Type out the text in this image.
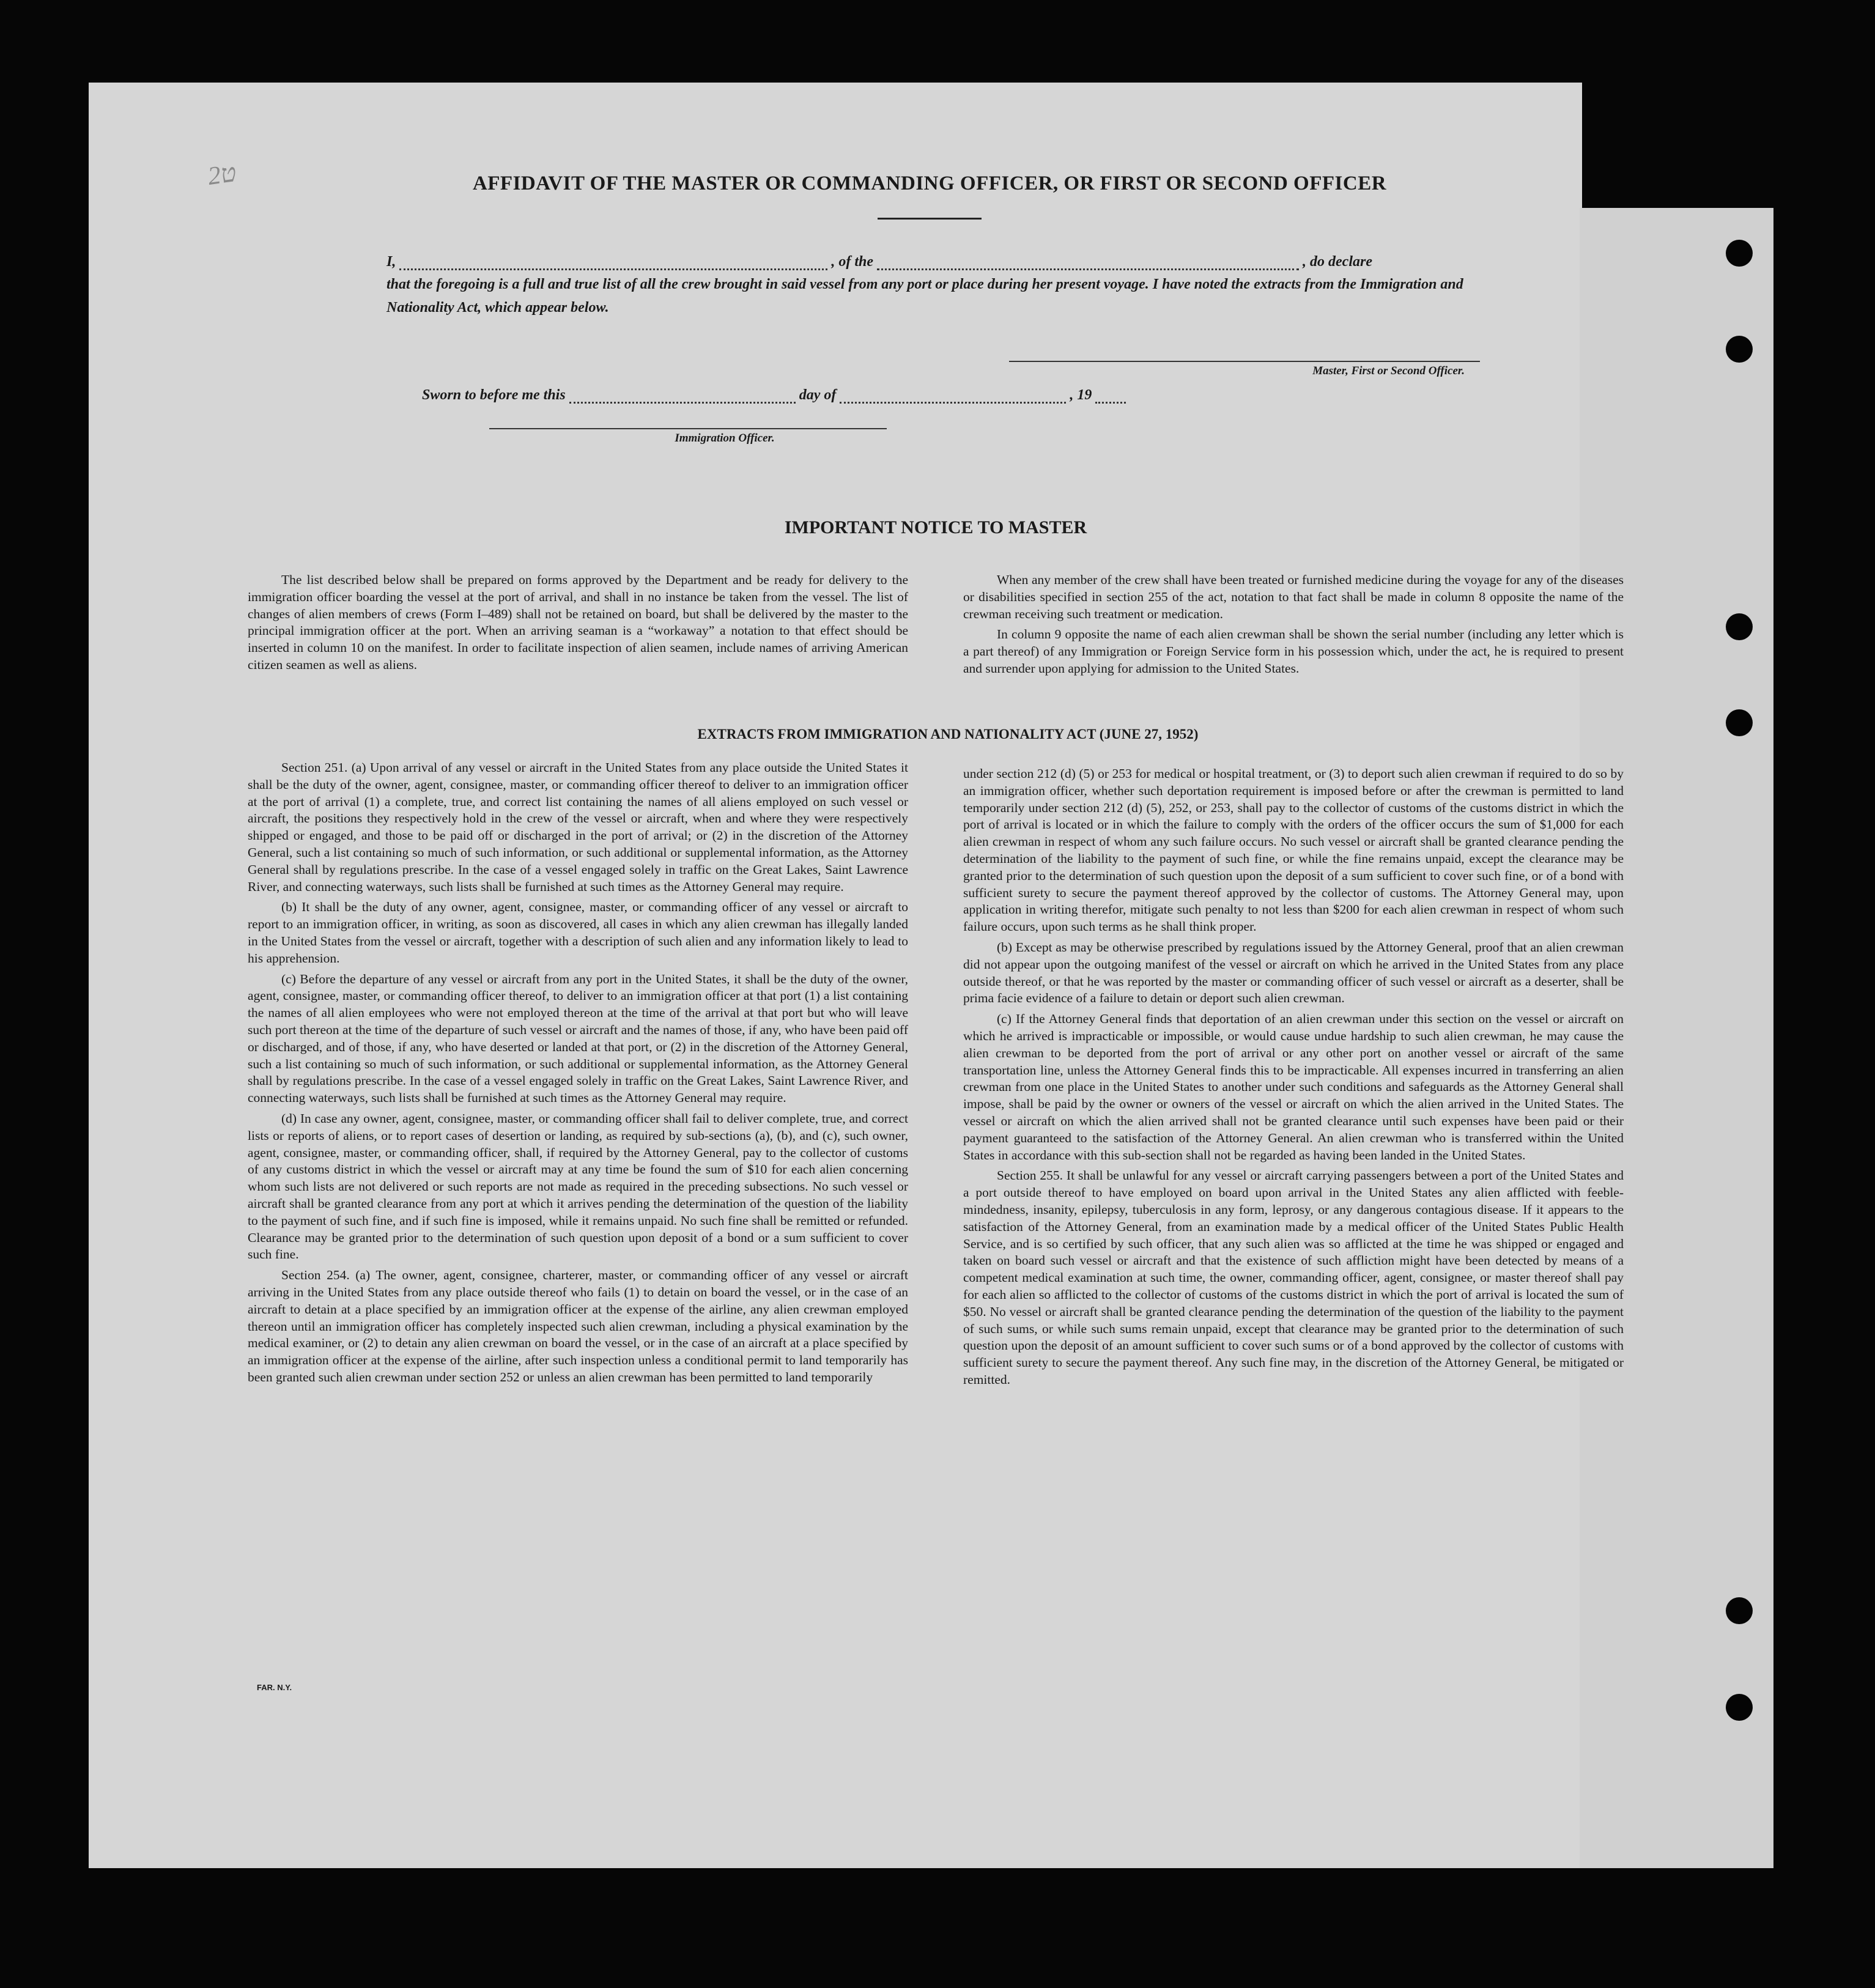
ט2	AFFIDAVIT OF THE MASTER OR COMMANDING OFFICER, OR FIRST OR SECOND OFFICER
I,	, of the	, do declare
that the foregoing is a full and true list of all the crew brought in said vessel from any port or place during her present voyage. I have noted the extracts from the Immigration and Nationality Act, which appear below.
Master, First or Second Officer.
Sworn to before me this	day of	, 19
Immigration Officer.
IMPORTANT NOTICE TO MASTER

The list described below shall be prepared on forms approved by the Department and be ready for delivery to the immigration officer boarding the vessel at the port of arrival, and shall in no instance be taken from the vessel. The list of changes of alien members of crews (Form I–489) shall not be retained on board, but shall be delivered by the master to the principal immigration officer at the port. When an arriving seaman is a “workaway” a notation to that effect should be inserted in column 10 on the manifest. In order to facilitate inspection of alien seamen, include names of arriving American citizen seamen as well as aliens.

When any member of the crew shall have been treated or furnished medicine during the voyage for any of the diseases or disabilities specified in section 255 of the act, notation to that fact shall be made in column 8 opposite the name of the crewman receiving such treatment or medication.

In column 9 opposite the name of each alien crewman shall be shown the serial number (including any letter which is a part thereof) of any Immigration or Foreign Service form in his possession which, under the act, he is required to present and surrender upon applying for admission to the United States.

EXTRACTS FROM IMMIGRATION AND NATIONALITY ACT (JUNE 27, 1952)

Section 251. (a) Upon arrival of any vessel or aircraft in the United States from any place outside the United States it shall be the duty of the owner, agent, consignee, master, or commanding officer thereof to deliver to an immigration officer at the port of arrival (1) a complete, true, and correct list containing the names of all aliens employed on such vessel or aircraft, the positions they respectively hold in the crew of the vessel or aircraft, when and where they were respectively shipped or engaged, and those to be paid off or discharged in the port of arrival; or (2) in the discretion of the Attorney General, such a list containing so much of such information, or such additional or supplemental information, as the Attorney General shall by regulations prescribe. In the case of a vessel engaged solely in traffic on the Great Lakes, Saint Lawrence River, and connecting waterways, such lists shall be furnished at such times as the Attorney General may require.

(b) It shall be the duty of any owner, agent, consignee, master, or commanding officer of any vessel or aircraft to report to an immigration officer, in writing, as soon as discovered, all cases in which any alien crewman has illegally landed in the United States from the vessel or aircraft, together with a description of such alien and any information likely to lead to his apprehension.

(c) Before the departure of any vessel or aircraft from any port in the United States, it shall be the duty of the owner, agent, consignee, master, or commanding officer thereof, to deliver to an immigration officer at that port (1) a list containing the names of all alien employees who were not employed thereon at the time of the arrival at that port but who will leave such port thereon at the time of the departure of such vessel or aircraft and the names of those, if any, who have been paid off or discharged, and of those, if any, who have deserted or landed at that port, or (2) in the discretion of the Attorney General, such a list containing so much of such information, or such additional or supplemental information, as the Attorney General shall by regulations prescribe. In the case of a vessel engaged solely in traffic on the Great Lakes, Saint Lawrence River, and connecting waterways, such lists shall be furnished at such times as the Attorney General may require.

(d) In case any owner, agent, consignee, master, or commanding officer shall fail to deliver complete, true, and correct lists or reports of aliens, or to report cases of desertion or landing, as required by sub-sections (a), (b), and (c), such owner, agent, consignee, master, or commanding officer, shall, if required by the Attorney General, pay to the collector of customs of any customs district in which the vessel or aircraft may at any time be found the sum of $10 for each alien concerning whom such lists are not delivered or such reports are not made as required in the preceding subsections. No such vessel or aircraft shall be granted clearance from any port at which it arrives pending the determination of the question of the liability to the payment of such fine, and if such fine is imposed, while it remains unpaid. No such fine shall be remitted or refunded. Clearance may be granted prior to the determination of such question upon deposit of a bond or a sum sufficient to cover such fine.

Section 254. (a) The owner, agent, consignee, charterer, master, or commanding officer of any vessel or aircraft arriving in the United States from any place outside thereof who fails (1) to detain on board the vessel, or in the case of an aircraft to detain at a place specified by an immigration officer at the expense of the airline, any alien crewman employed thereon until an immigration officer has completely inspected such alien crewman, including a physical examination by the medical examiner, or (2) to detain any alien crewman on board the vessel, or in the case of an aircraft at a place specified by an immigration officer at the expense of the airline, after such inspection unless a conditional permit to land temporarily has been granted such alien crewman under section 252 or unless an alien crewman has been permitted to land temporarily

under section 212 (d) (5) or 253 for medical or hospital treatment, or (3) to deport such alien crewman if required to do so by an immigration officer, whether such deportation requirement is imposed before or after the crewman is permitted to land temporarily under section 212 (d) (5), 252, or 253, shall pay to the collector of customs of the customs district in which the port of arrival is located or in which the failure to comply with the orders of the officer occurs the sum of $1,000 for each alien crewman in respect of whom any such failure occurs. No such vessel or aircraft shall be granted clearance pending the determination of the liability to the payment of such fine, or while the fine remains unpaid, except the clearance may be granted prior to the determination of such question upon the deposit of a sum sufficient to cover such fine, or of a bond with sufficient surety to secure the payment thereof approved by the collector of customs. The Attorney General may, upon application in writing therefor, mitigate such penalty to not less than $200 for each alien crewman in respect of whom such failure occurs, upon such terms as he shall think proper.

(b) Except as may be otherwise prescribed by regulations issued by the Attorney General, proof that an alien crewman did not appear upon the outgoing manifest of the vessel or aircraft on which he arrived in the United States from any place outside thereof, or that he was reported by the master or commanding officer of such vessel or aircraft as a deserter, shall be prima facie evidence of a failure to detain or deport such alien crewman.

(c) If the Attorney General finds that deportation of an alien crewman under this section on the vessel or aircraft on which he arrived is impracticable or impossible, or would cause undue hardship to such alien crewman, he may cause the alien crewman to be deported from the port of arrival or any other port on another vessel or aircraft of the same transportation line, unless the Attorney General finds this to be impracticable. All expenses incurred in transferring an alien crewman from one place in the United States to another under such conditions and safeguards as the Attorney General shall impose, shall be paid by the owner or owners of the vessel or aircraft on which the alien arrived in the United States. The vessel or aircraft on which the alien arrived shall not be granted clearance until such expenses have been paid or their payment guaranteed to the satisfaction of the Attorney General. An alien crewman who is transferred within the United States in accordance with this sub-section shall not be regarded as having been landed in the United States.

Section 255. It shall be unlawful for any vessel or aircraft carrying passengers between a port of the United States and a port outside thereof to have employed on board upon arrival in the United States any alien afflicted with feeble-mindedness, insanity, epilepsy, tuberculosis in any form, leprosy, or any dangerous contagious disease. If it appears to the satisfaction of the Attorney General, from an examination made by a medical officer of the United States Public Health Service, and is so certified by such officer, that any such alien was so afflicted at the time he was shipped or engaged and taken on board such vessel or aircraft and that the existence of such affliction might have been detected by means of a competent medical examination at such time, the owner, commanding officer, agent, consignee, or master thereof shall pay for each alien so afflicted to the collector of customs of the customs district in which the port of arrival is located the sum of $50. No vessel or aircraft shall be granted clearance pending the determination of the question of the liability to the payment of such sums, or while such sums remain unpaid, except that clearance may be granted prior to the determination of such question upon the deposit of an amount sufficient to cover such sums or of a bond approved by the collector of customs with sufficient surety to secure the payment thereof. Any such fine may, in the discretion of the Attorney General, be mitigated or remitted.

FAR. N.Y.
